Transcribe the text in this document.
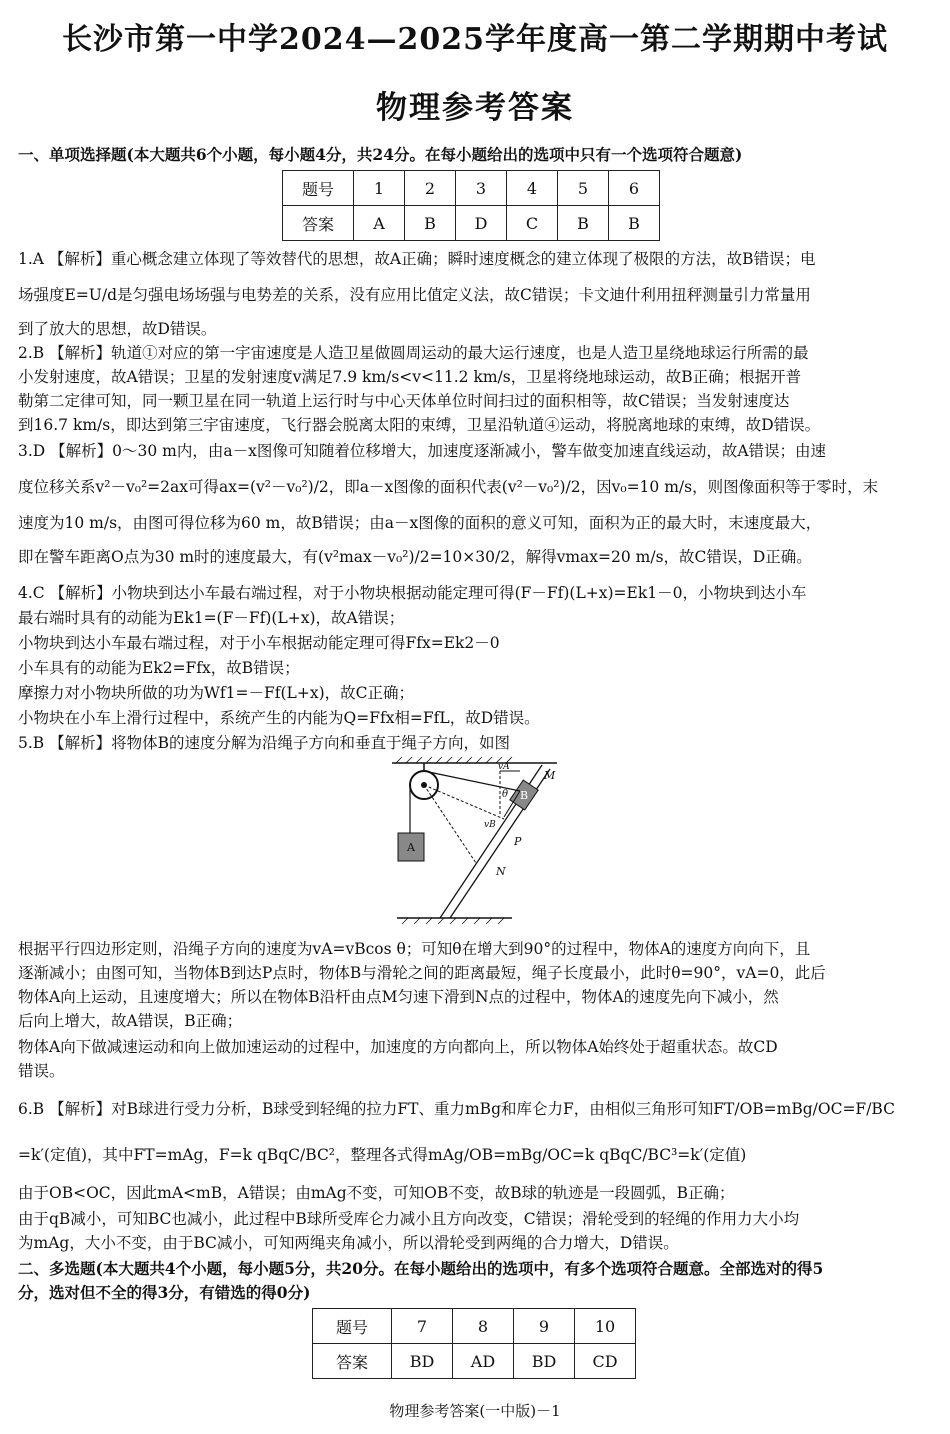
长沙市第一中学2024—2025学年度高一第二学期期中考试
物理参考答案
一、单项选择题(本大题共6个小题，每小题4分，共24分。在每小题给出的选项中只有一个选项符合题意)
题号	1	2	3	4	5	6
答案	A	B	D	C	B	B
1.A 【解析】重心概念建立体现了等效替代的思想，故A正确；瞬时速度概念的建立体现了极限的方法，故B错误；电
场强度E=U/d是匀强电场场强与电势差的关系，没有应用比值定义法，故C错误；卡文迪什利用扭秤测量引力常量用
到了放大的思想，故D错误。
2.B 【解析】轨道①对应的第一宇宙速度是人造卫星做圆周运动的最大运行速度，也是人造卫星绕地球运行所需的最
小发射速度，故A错误；卫星的发射速度v满足7.9 km/s<v<11.2 km/s，卫星将绕地球运动，故B正确；根据开普
勒第二定律可知，同一颗卫星在同一轨道上运行时与中心天体单位时间扫过的面积相等，故C错误；当发射速度达
到16.7 km/s，即达到第三宇宙速度，飞行器会脱离太阳的束缚，卫星沿轨道④运动，将脱离地球的束缚，故D错误。
3.D 【解析】0～30 m内，由a－x图像可知随着位移增大，加速度逐渐减小，警车做变加速直线运动，故A错误；由速
度位移关系v²－v₀²=2ax可得ax=(v²－v₀²)/2，即a－x图像的面积代表(v²－v₀²)/2，因v₀=10 m/s，则图像面积等于零时，末
速度为10 m/s，由图可得位移为60 m，故B错误；由a－x图像的面积的意义可知，面积为正的最大时，末速度最大，
即在警车距离O点为30 m时的速度最大，有(v²max－v₀²)/2=10×30/2，解得vmax=20 m/s，故C错误，D正确。
4.C 【解析】小物块到达小车最右端过程，对于小物块根据动能定理可得(F－Ff)(L+x)=Ek1－0，小物块到达小车
最右端时具有的动能为Ek1=(F－Ff)(L+x)，故A错误；
小物块到达小车最右端过程，对于小车根据动能定理可得Ffx=Ek2－0
小车具有的动能为Ek2=Ffx，故B错误；
摩擦力对小物块所做的功为Wf1=－Ff(L+x)，故C正确；
小物块在小车上滑行过程中，系统产生的内能为Q=Ffx相=FfL，故D错误。
5.B 【解析】将物体B的速度分解为沿绳子方向和垂直于绳子方向，如图
A
B
M
P
N
vA
θ
vB
根据平行四边形定则，沿绳子方向的速度为vA=vBcos θ；可知θ在增大到90°的过程中，物体A的速度方向向下，且
逐渐减小；由图可知，当物体B到达P点时，物体B与滑轮之间的距离最短，绳子长度最小，此时θ=90°，vA=0，此后
物体A向上运动，且速度增大；所以在物体B沿杆由点M匀速下滑到N点的过程中，物体A的速度先向下减小，然
后向上增大，故A错误，B正确；
物体A向下做减速运动和向上做加速运动的过程中，加速度的方向都向上，所以物体A始终处于超重状态。故CD
错误。
6.B 【解析】对B球进行受力分析，B球受到轻绳的拉力FT、重力mBg和库仑力F，由相似三角形可知FT/OB=mBg/OC=F/BC
=k′(定值)，其中FT=mAg，F=k qBqC/BC²，整理各式得mAg/OB=mBg/OC=k qBqC/BC³=k′(定值)
由于OB<OC，因此mA<mB，A错误；由mAg不变，可知OB不变，故B球的轨迹是一段圆弧，B正确；
由于qB减小，可知BC也减小，此过程中B球所受库仑力减小且方向改变，C错误；滑轮受到的轻绳的作用力大小均
为mAg，大小不变，由于BC减小，可知两绳夹角减小，所以滑轮受到两绳的合力增大，D错误。
二、多选题(本大题共4个小题，每小题5分，共20分。在每小题给出的选项中，有多个选项符合题意。全部选对的得5
分，选对但不全的得3分，有错选的得0分)
题号	7	8	9	10
答案	BD	AD	BD	CD
物理参考答案(一中版)－1
